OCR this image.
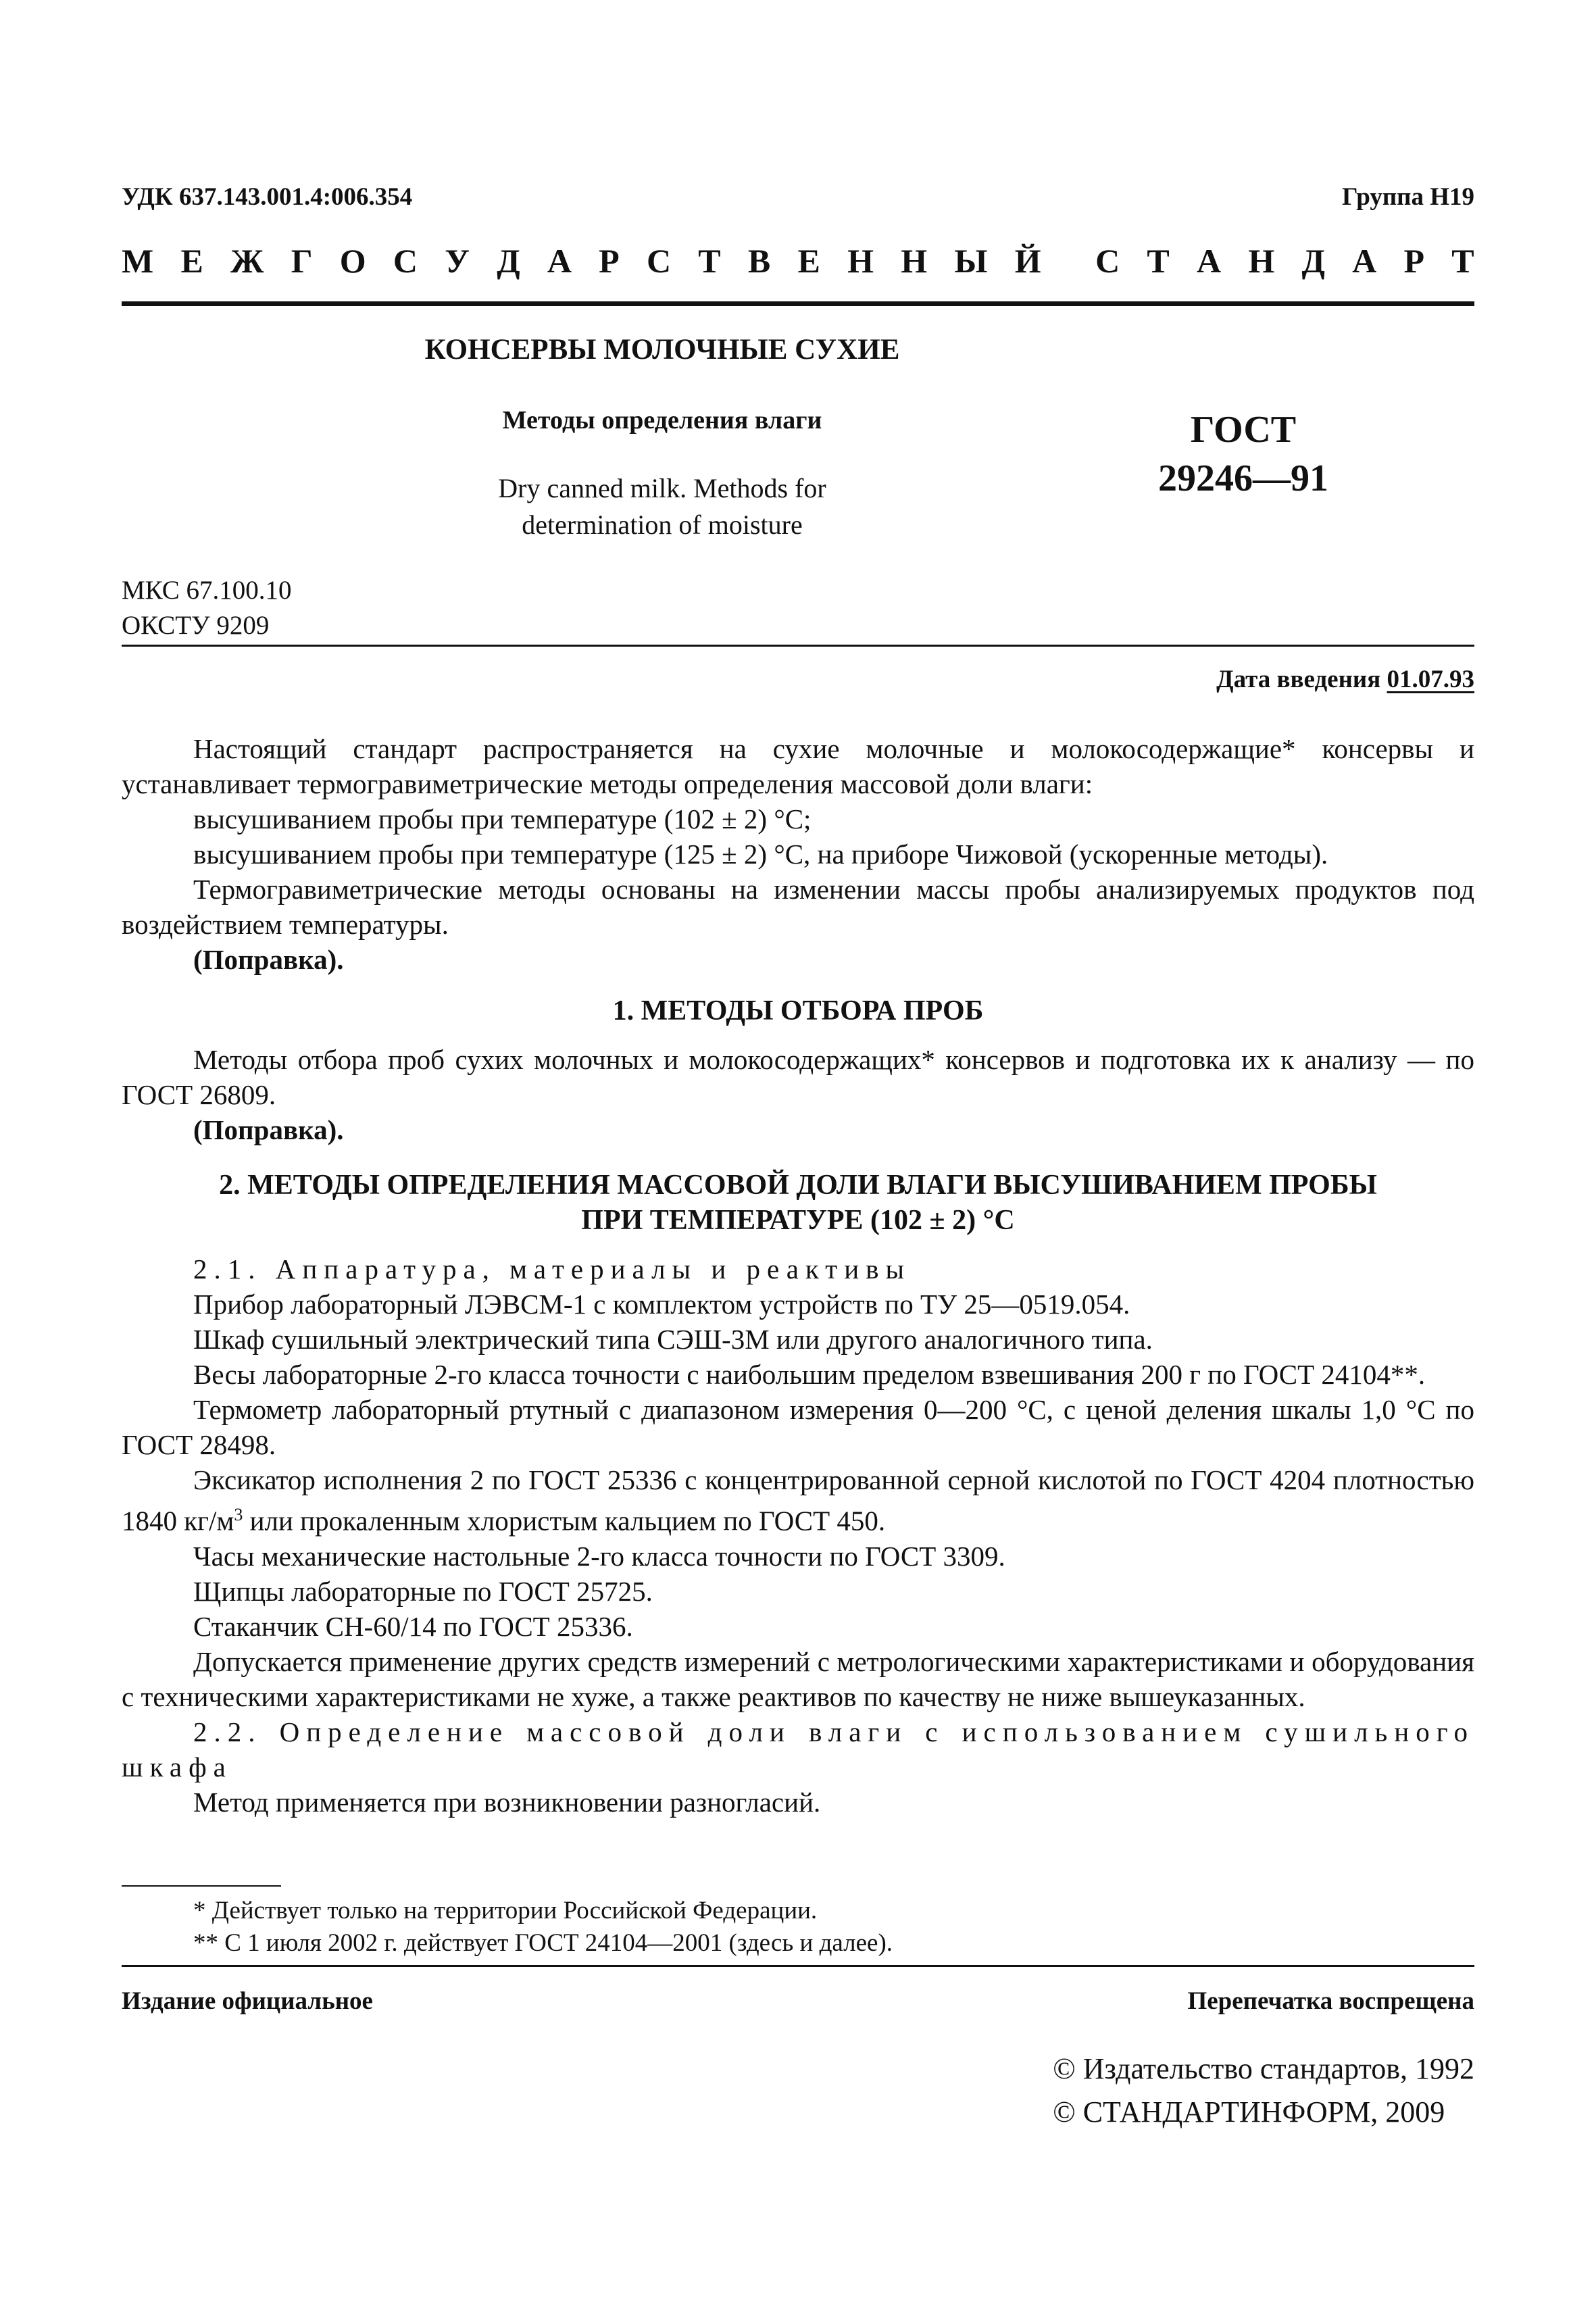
УДК 637.143.001.4:006.354	Группа Н19
М Е Ж Г О С У Д А Р С Т В Е Н Н Ы Й С Т А Н Д А Р Т
КОНСЕРВЫ МОЛОЧНЫЕ СУХИЕ
Методы определения влаги
Dry canned milk. Methods for
determination of moisture
ГОСТ
29246—91
МКС 67.100.10
ОКСТУ 9209
Дата введения 01.07.93

Настоящий стандарт распространяется на сухие молочные и молокосодержащие* консервы и устанавливает термогравиметрические методы определения массовой доли влаги:

высушиванием пробы при температуре (102 ± 2) °С;

высушиванием пробы при температуре (125 ± 2) °С, на приборе Чижовой (ускоренные методы).

Термогравиметрические методы основаны на изменении массы пробы анализируемых продуктов под воздействием температуры.

(Поправка).

1. МЕТОДЫ ОТБОРА ПРОБ

Методы отбора проб сухих молочных и молокосодержащих* консервов и подготовка их к анализу — по ГОСТ 26809.

(Поправка).

2. МЕТОДЫ ОПРЕДЕЛЕНИЯ МАССОВОЙ ДОЛИ ВЛАГИ ВЫСУШИВАНИЕМ ПРОБЫ
ПРИ ТЕМПЕРАТУРЕ (102 ± 2) °С

2.1. Аппаратура, материалы и реактивы

Прибор лабораторный ЛЭВСМ-1 с комплектом устройств по ТУ 25—0519.054.

Шкаф сушильный электрический типа СЭШ-3М или другого аналогичного типа.

Весы лабораторные 2-го класса точности с наибольшим пределом взвешивания 200 г по ГОСТ 24104**.

Термометр лабораторный ртутный с диапазоном измерения 0—200 °С, с ценой деления шкалы 1,0 °С по ГОСТ 28498.

Эксикатор исполнения 2 по ГОСТ 25336 с концентрированной серной кислотой по ГОСТ 4204 плотностью 1840 $кг/м^3$ или прокаленным хлористым кальцием по ГОСТ 450.

Часы механические настольные 2-го класса точности по ГОСТ 3309.

Щипцы лабораторные по ГОСТ 25725.

Стаканчик СН-60/14 по ГОСТ 25336.

Допускается применение других средств измерений с метрологическими характеристиками и оборудования с техническими характеристиками не хуже, а также реактивов по качеству не ниже вышеуказанных.

2.2. Определение массовой доли влаги с использованием сушильного шкафа

Метод применяется при возникновении разногласий.

* Действует только на территории Российской Федерации.

** С 1 июля 2002 г. действует ГОСТ 24104—2001 (здесь и далее).

Издание официальное	Перепечатка воспрещена
© Издательство стандартов, 1992
© СТАНДАРТИНФОРМ, 2009
